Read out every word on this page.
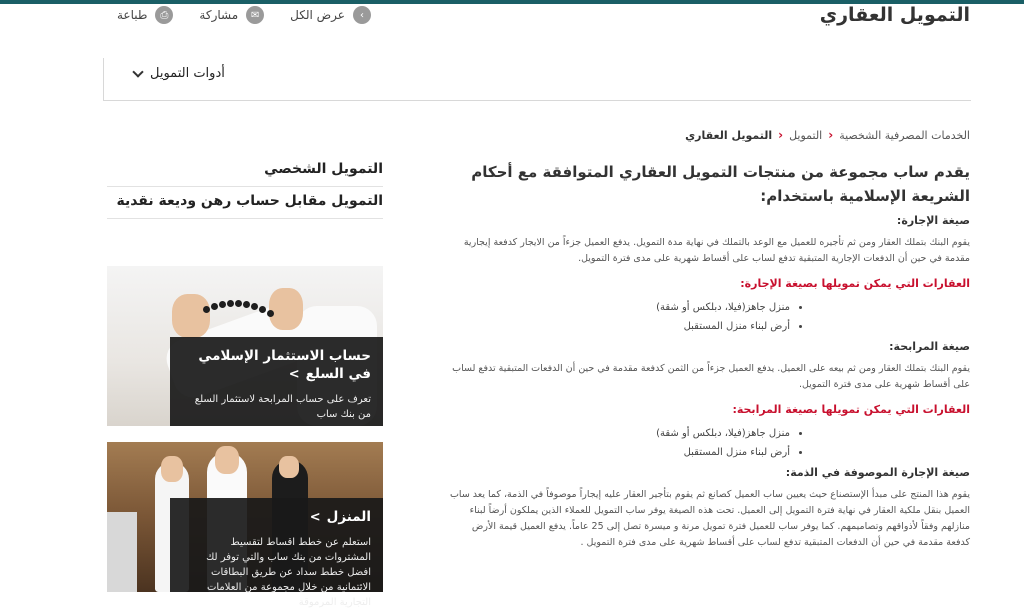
التمويل العقاري
›
عرض الكل
✉
مشاركة
⎙
طباعة
أدوات التمويل
الخدمات المصرفية الشخصية
‹
التمويل
‹
التمويل العقاري

يقدم ساب مجموعة من منتجات التمويل العقاري المتوافقة مع أحكام الشريعة الإسلامية باستخدام:

صيغة الإجارة:

يقوم البنك بتملك العقار ومن ثم تأجيره للعميل مع الوعد بالتملك في نهاية مدة التمويل. يدفع العميل جزءاً من الايجار كدفعة إيجارية مقدمة في حين أن الدفعات الإجارية المتبقية تدفع لساب على أقساط شهرية على مدى فترة التمويل.

العقارات التي يمكن تمويلها بصيغة الإجارة:
• منزل جاهز(فيلا، دبلكس أو شقة)
• أرض لبناء منزل المستقبل
صيغة المرابحة:

يقوم البنك بتملك العقار ومن ثم بيعه على العميل. يدفع العميل جزءاً من الثمن كدفعة مقدمة في حين أن الدفعات المتبقية تدفع لساب على أقساط شهرية على مدى فترة التمويل.

العقارات التي يمكن تمويلها بصيغة المرابحة:
• منزل جاهز(فيلا، دبلكس أو شقة)
• أرض لبناء منزل المستقبل
صيغة الإجارة الموصوفة في الذمة:

يقوم هذا المنتج على مبدأ الإستصناع حيث يعيين ساب العميل كصانع ثم يقوم بتأجير العقار عليه إيجاراً موصوفاً في الذمة، كما يعد ساب العميل بنقل ملكية العقار في نهاية فترة التمويل إلى العميل. تحت هذه الصيغة يوفر ساب التمويل للعملاء الذين يملكون أرضاً لبناء منازلهم وفقاً لأذواقهم وتصاميمهم. كما يوفر ساب للعميل فترة تمويل مرنة و ميسرة تصل إلى 25 عاماً. يدفع العميل قيمة الأرض كدفعة مقدمة في حين أن الدفعات المتبقية تدفع لساب على أقساط شهرية على مدى فترة التمويل .

التمويل الشخصي
التمويل مقابل حساب رهن وديعة نقدية
حساب الاستثمار الإسلامي في السلع>

تعرف على حساب المرابحة لاستثمار السلع من بنك ساب

المنزل>

استعلم عن خطط اقساط لتقسيط المشتروات من بنك ساب والتي توفر لك افضل خطط سداد عن طريق البطاقات الائتمانية من خلال مجموعة من العلامات التجارية المرموقة
